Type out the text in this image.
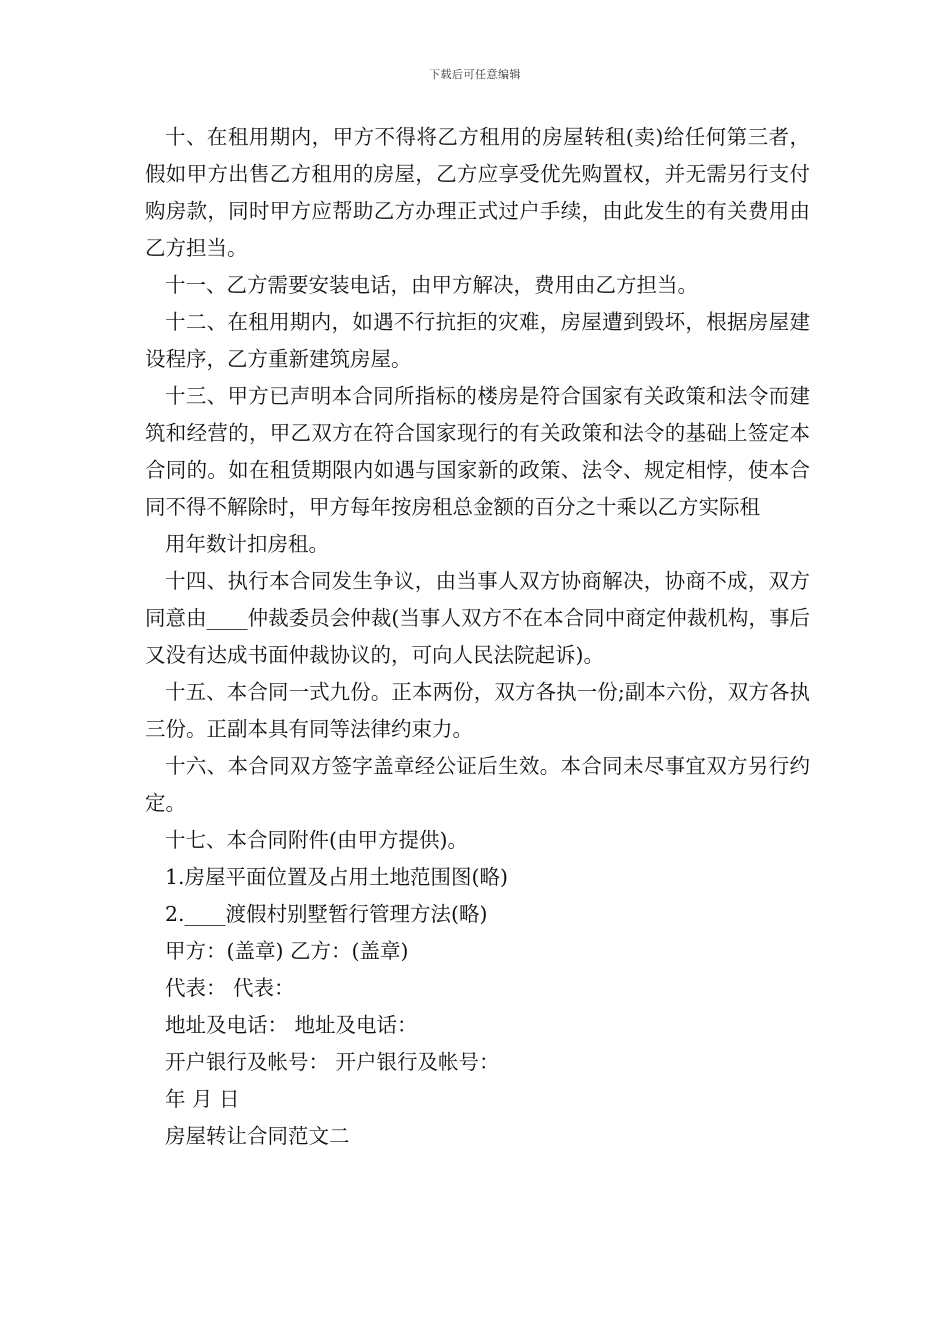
下载后可任意编辑

十、在租用期内，甲方不得将乙方租用的房屋转租(卖)给任何第三者，假如甲方出售乙方租用的房屋，乙方应享受优先购置权，并无需另行支付购房款，同时甲方应帮助乙方办理正式过户手续，由此发生的有关费用由乙方担当。

十一、乙方需要安装电话，由甲方解决，费用由乙方担当。

十二、在租用期内，如遇不行抗拒的灾难，房屋遭到毁坏，根据房屋建设程序，乙方重新建筑房屋。

十三、甲方已声明本合同所指标的楼房是符合国家有关政策和法令而建筑和经营的，甲乙双方在符合国家现行的有关政策和法令的基础上签定本合同的。如在租赁期限内如遇与国家新的政策、法令、规定相悖，使本合同不得不解除时，甲方每年按房租总金额的百分之十乘以乙方实际租

用年数计扣房租。

十四、执行本合同发生争议，由当事人双方协商解决，协商不成，双方同意由____仲裁委员会仲裁(当事人双方不在本合同中商定仲裁机构，事后又没有达成书面仲裁协议的，可向人民法院起诉)。

十五、本合同一式九份。正本两份，双方各执一份;副本六份，双方各执三份。正副本具有同等法律约束力。

十六、本合同双方签字盖章经公证后生效。本合同未尽事宜双方另行约定。

十七、本合同附件(由甲方提供)。

1.房屋平面位置及占用土地范围图(略)

2.____渡假村别墅暂行管理方法(略)

甲方：(盖章) 乙方：(盖章)

代表： 代表：

地址及电话： 地址及电话：

开户银行及帐号： 开户银行及帐号：

年 月 日

房屋转让合同范文二
